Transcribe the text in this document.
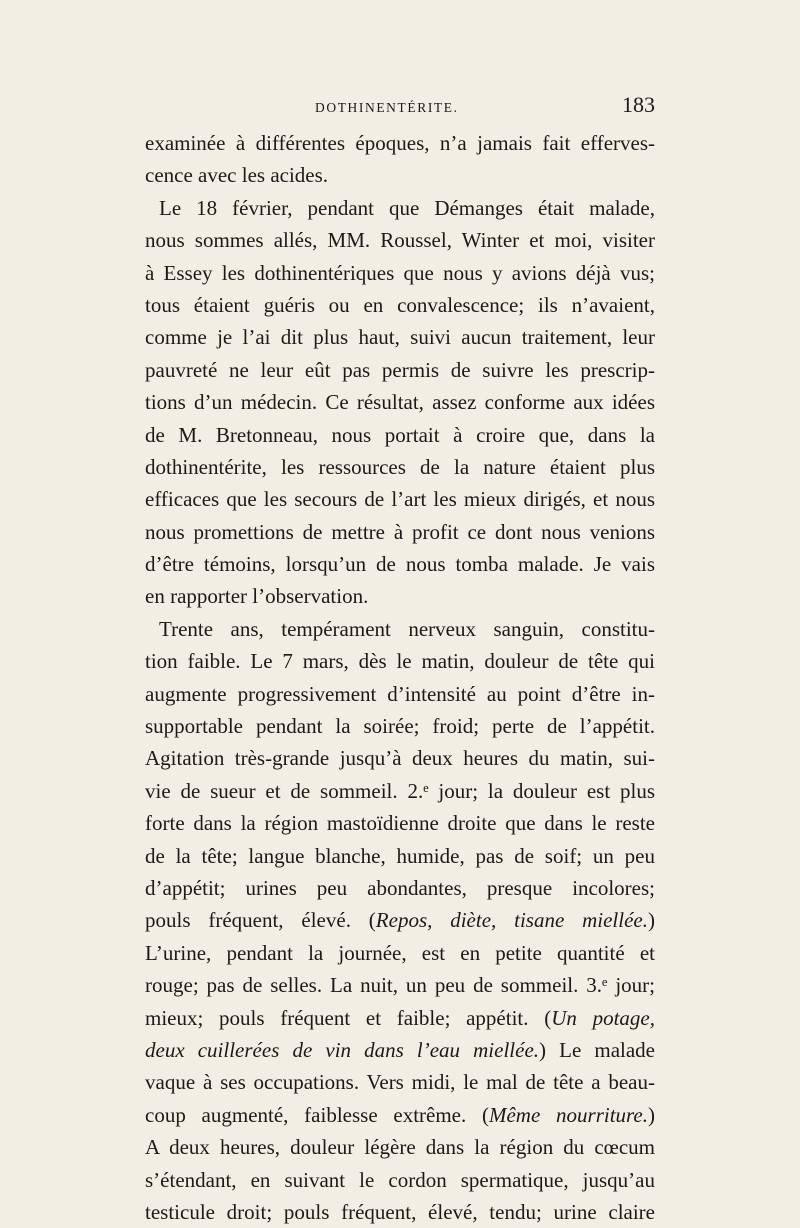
DOTHINENTÉRITE.	183
examinée à différentes époques, n’a jamais fait efferves-
cence avec les acides.
Le 18 février, pendant que Démanges était malade,
nous sommes allés, MM. Roussel, Winter et moi, visiter
à Essey les dothinentériques que nous y avions déjà vus;
tous étaient guéris ou en convalescence; ils n’avaient,
comme je l’ai dit plus haut, suivi aucun traitement, leur
pauvreté ne leur eût pas permis de suivre les prescrip-
tions d’un médecin. Ce résultat, assez conforme aux idées
de M. Bretonneau, nous portait à croire que, dans la
dothinentérite, les ressources de la nature étaient plus
efficaces que les secours de l’art les mieux dirigés, et nous
nous promettions de mettre à profit ce dont nous venions
d’être témoins, lorsqu’un de nous tomba malade. Je vais
en rapporter l’observation.
Trente ans, tempérament nerveux sanguin, constitu-
tion faible. Le 7 mars, dès le matin, douleur de tête qui
augmente progressivement d’intensité au point d’être in-
supportable pendant la soirée; froid; perte de l’appétit.
Agitation très-grande jusqu’à deux heures du matin, sui-
vie de sueur et de sommeil. 2.ᵉ jour; la douleur est plus
forte dans la région mastoïdienne droite que dans le reste
de la tête; langue blanche, humide, pas de soif; un peu
d’appétit; urines peu abondantes, presque incolores;
pouls fréquent, élevé. (Repos, diète, tisane miellée.)
L’urine, pendant la journée, est en petite quantité et
rouge; pas de selles. La nuit, un peu de sommeil. 3.ᵉ jour;
mieux; pouls fréquent et faible; appétit. (Un potage,
deux cuillerées de vin dans l’eau miellée.) Le malade
vaque à ses occupations. Vers midi, le mal de tête a beau-
coup augmenté, faiblesse extrême. (Même nourriture.)
A deux heures, douleur légère dans la région du cœcum
s’étendant, en suivant le cordon spermatique, jusqu’au
testicule droit; pouls fréquent, élevé, tendu; urine claire
